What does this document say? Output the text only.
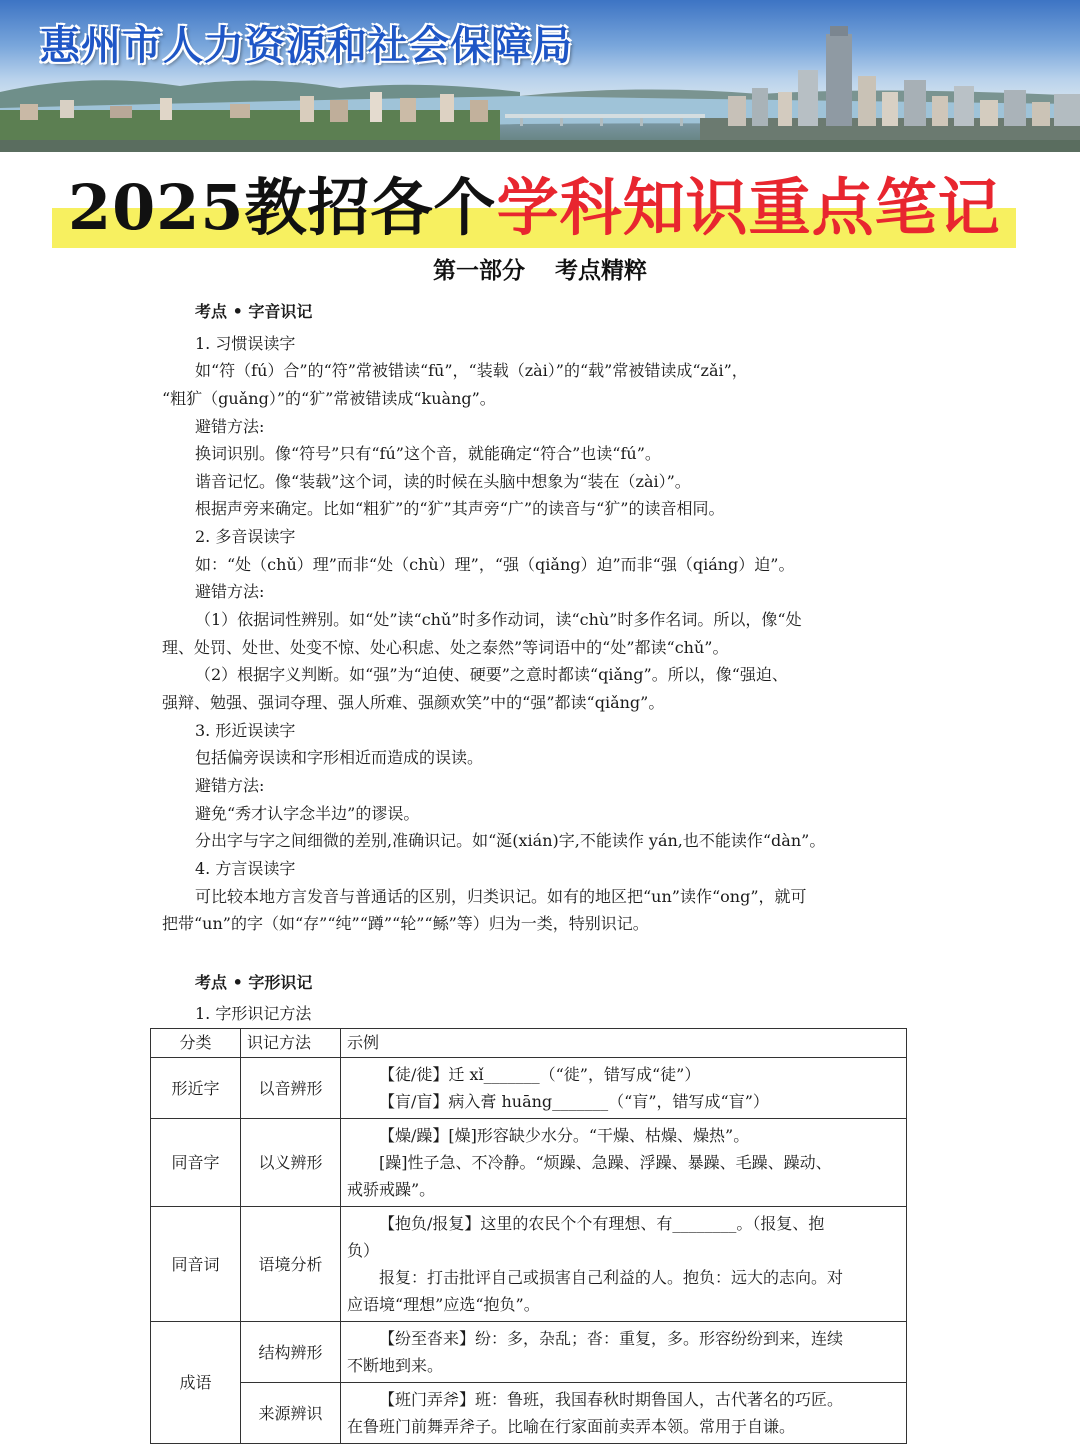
惠州市人力资源和社会保障局
2025教招各个学科知识重点笔记
第一部分 考点精粹
考点 • 字音识记
1. 习惯误读字
如“符（fú）合”的“符”常被错读“fū”，“装载（zài）”的“载”常被错读成“zǎi”，
“粗犷（guǎng）”的“犷”常被错读成“kuàng”。
避错方法:
换词识别。像“符号”只有“fú”这个音，就能确定“符合”也读“fú”。
谐音记忆。像“装载”这个词，读的时候在头脑中想象为“装在（zài）”。
根据声旁来确定。比如“粗犷”的“犷”其声旁“广”的读音与“犷”的读音相同。
2. 多音误读字
如：“处（chǔ）理”而非“处（chù）理”，“强（qiǎng）迫”而非“强（qiáng）迫”。
避错方法:
（1）依据词性辨别。如“处”读“chǔ”时多作动词，读“chù”时多作名词。所以，像“处
理、处罚、处世、处变不惊、处心积虑、处之泰然”等词语中的“处”都读“chǔ”。
（2）根据字义判断。如“强”为“迫使、硬要”之意时都读“qiǎng”。所以，像“强迫、
强辩、勉强、强词夺理、强人所难、强颜欢笑”中的“强”都读“qiǎng”。
3. 形近误读字
包括偏旁误读和字形相近而造成的误读。
避错方法:
避免“秀才认字念半边”的谬误。
分出字与字之间细微的差别,准确识记。如“涎(xián)字,不能读作 yán,也不能读作“dàn”。
4. 方言误读字
可比较本地方言发音与普通话的区别，归类识记。如有的地区把“un”读作“ong”，就可
把带“un”的字（如“存”“纯”“蹲”“轮”“鲧”等）归为一类，特别识记。
考点 • 字形识记
1. 字形识记方法
分类	识记方法	示例
形近字	以音辨形	【徒/徙】迁 xǐ_______（“徙”，错写成“徒”）
【肓/盲】病入膏 huāng_______（“肓”，错写成“盲”）

同音字	以义辨形	【燥/躁】[燥]形容缺少水分。“干燥、枯燥、燥热”。
[躁]性子急、不冷静。“烦躁、急躁、浮躁、暴躁、毛躁、躁动、
戒骄戒躁”。

同音词	语境分析	【抱负/报复】这里的农民个个有理想、有________。（报复、抱
负）
报复：打击批评自己或损害自己利益的人。抱负：远大的志向。对
应语境“理想”应选“抱负”。

成语	结构辨形	【纷至沓来】纷：多，杂乱；沓：重复，多。形容纷纷到来，连续
不断地到来。

	来源辨识	【班门弄斧】班：鲁班，我国春秋时期鲁国人，古代著名的巧匠。
在鲁班门前舞弄斧子。比喻在行家面前卖弄本领。常用于自谦。
